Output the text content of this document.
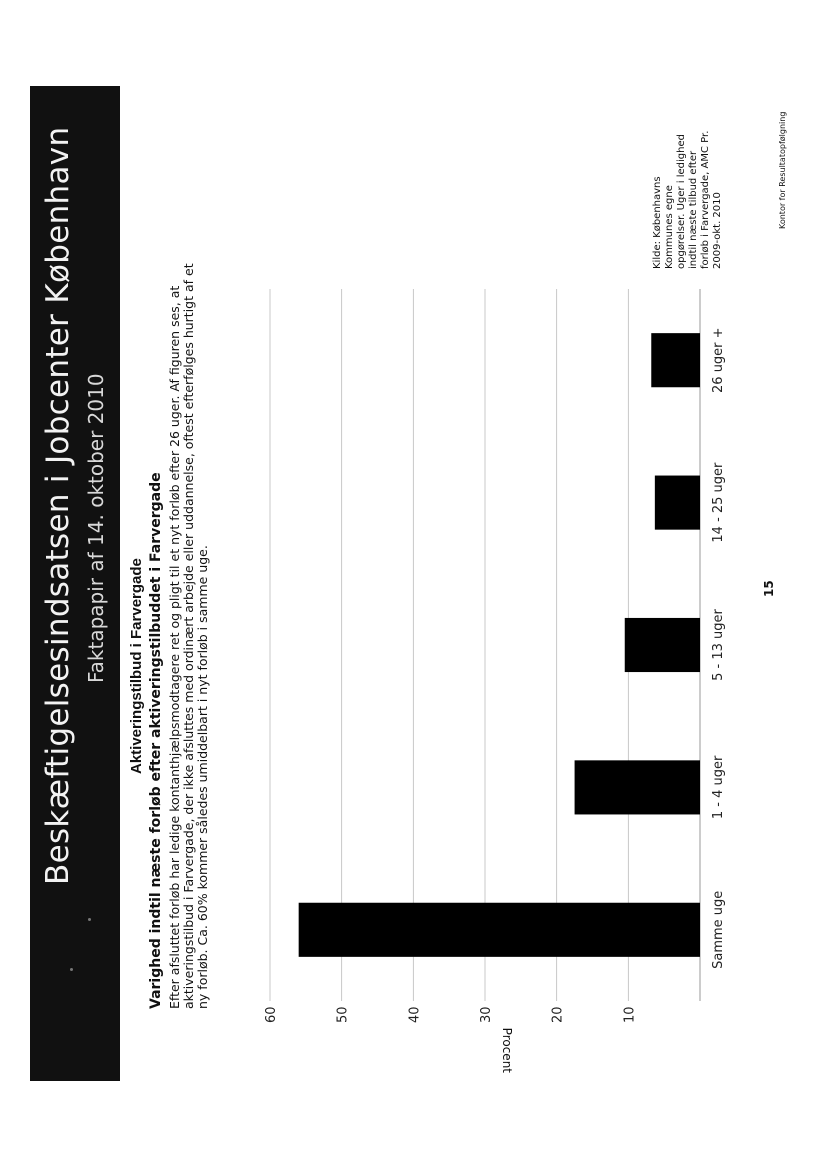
Beskæftigelsesindsatsen i Jobcenter København Faktapapir af 14. oktober 2010 Aktiveringstilbud i Farvergade Varighed indtil næste forløb efter aktiveringstilbuddet i Farvergade Efter afsluttet forløb har ledige kontanthjælpsmodtagere ret og pligt til et nyt forløb efter 26 uger. Af figuren ses, at aktiveringstilbud i Farvergade, der ikke afsluttes med ordinært arbejde eller uddannelse, oftest efterfølges hurtigt af et ny forløb. Ca. 60% kommer således umiddelbart i nyt forløb i samme uge.
10
20
30
40
50
60
Samme uge
1 - 4 uger
5 - 13 uger
14 - 25 uger
26 uger +
Procent
Kilde: Københavns Kommunes egne opgørelser. Uger i ledighed indtil næste tilbud efter forløb i Farvergade, AMC Pr. 2009-okt. 2010
15
Kontor for Resultatopfølgning
